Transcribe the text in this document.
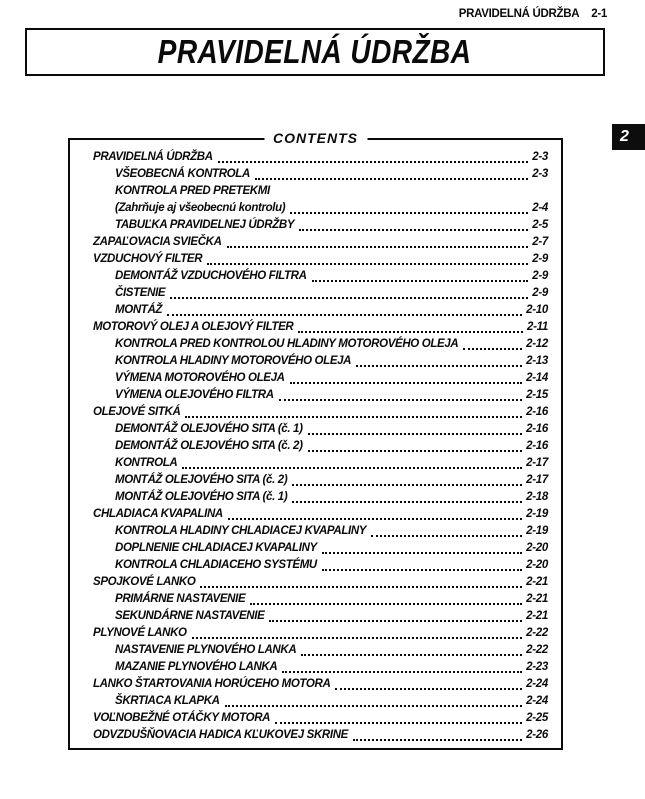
PRAVIDELNÁ ÚDRŽBA 2-1
PRAVIDELNÁ ÚDRŽBA
2
CONTENTS
PRAVIDELNÁ ÚDRŽBA	2-3
VŠEOBECNÁ KONTROLA	2-3
KONTROLA PRED PRETEKMI
(Zahrňuje aj všeobecnú kontrolu)	2-4
TABUĽKA PRAVIDELNEJ ÚDRŽBY	2-5
ZAPAĽOVACIA SVIEČKA	2-7
VZDUCHOVÝ FILTER	2-9
DEMONTÁŽ VZDUCHOVÉHO FILTRA	2-9
ČISTENIE	2-9
MONTÁŽ	2-10
MOTOROVÝ OLEJ A OLEJOVÝ FILTER	2-11
KONTROLA PRED KONTROLOU HLADINY MOTOROVÉHO OLEJA	2-12
KONTROLA HLADINY MOTOROVÉHO OLEJA	2-13
VÝMENA MOTOROVÉHO OLEJA	2-14
VÝMENA OLEJOVÉHO FILTRA	2-15
OLEJOVÉ SITKÁ	2-16
DEMONTÁŽ OLEJOVÉHO SITA (č. 1)	2-16
DEMONTÁŽ OLEJOVÉHO SITA (č. 2)	2-16
KONTROLA	2-17
MONTÁŽ OLEJOVÉHO SITA (č. 2)	2-17
MONTÁŽ OLEJOVÉHO SITA (č. 1)	2-18
CHLADIACA KVAPALINA	2-19
KONTROLA HLADINY CHLADIACEJ KVAPALINY	2-19
DOPLNENIE CHLADIACEJ KVAPALINY	2-20
KONTROLA CHLADIACEHO SYSTÉMU	2-20
SPOJKOVÉ LANKO	2-21
PRIMÁRNE NASTAVENIE	2-21
SEKUNDÁRNE NASTAVENIE	2-21
PLYNOVÉ LANKO	2-22
NASTAVENIE PLYNOVÉHO LANKA	2-22
MAZANIE PLYNOVÉHO LANKA	2-23
LANKO ŠTARTOVANIA HORÚCEHO MOTORA	2-24
ŠKRTIACA KLAPKA	2-24
VOĽNOBEŽNÉ OTÁČKY MOTORA	2-25
ODVZDUŠŇOVACIA HADICA KĽUKOVEJ SKRINE	2-26
